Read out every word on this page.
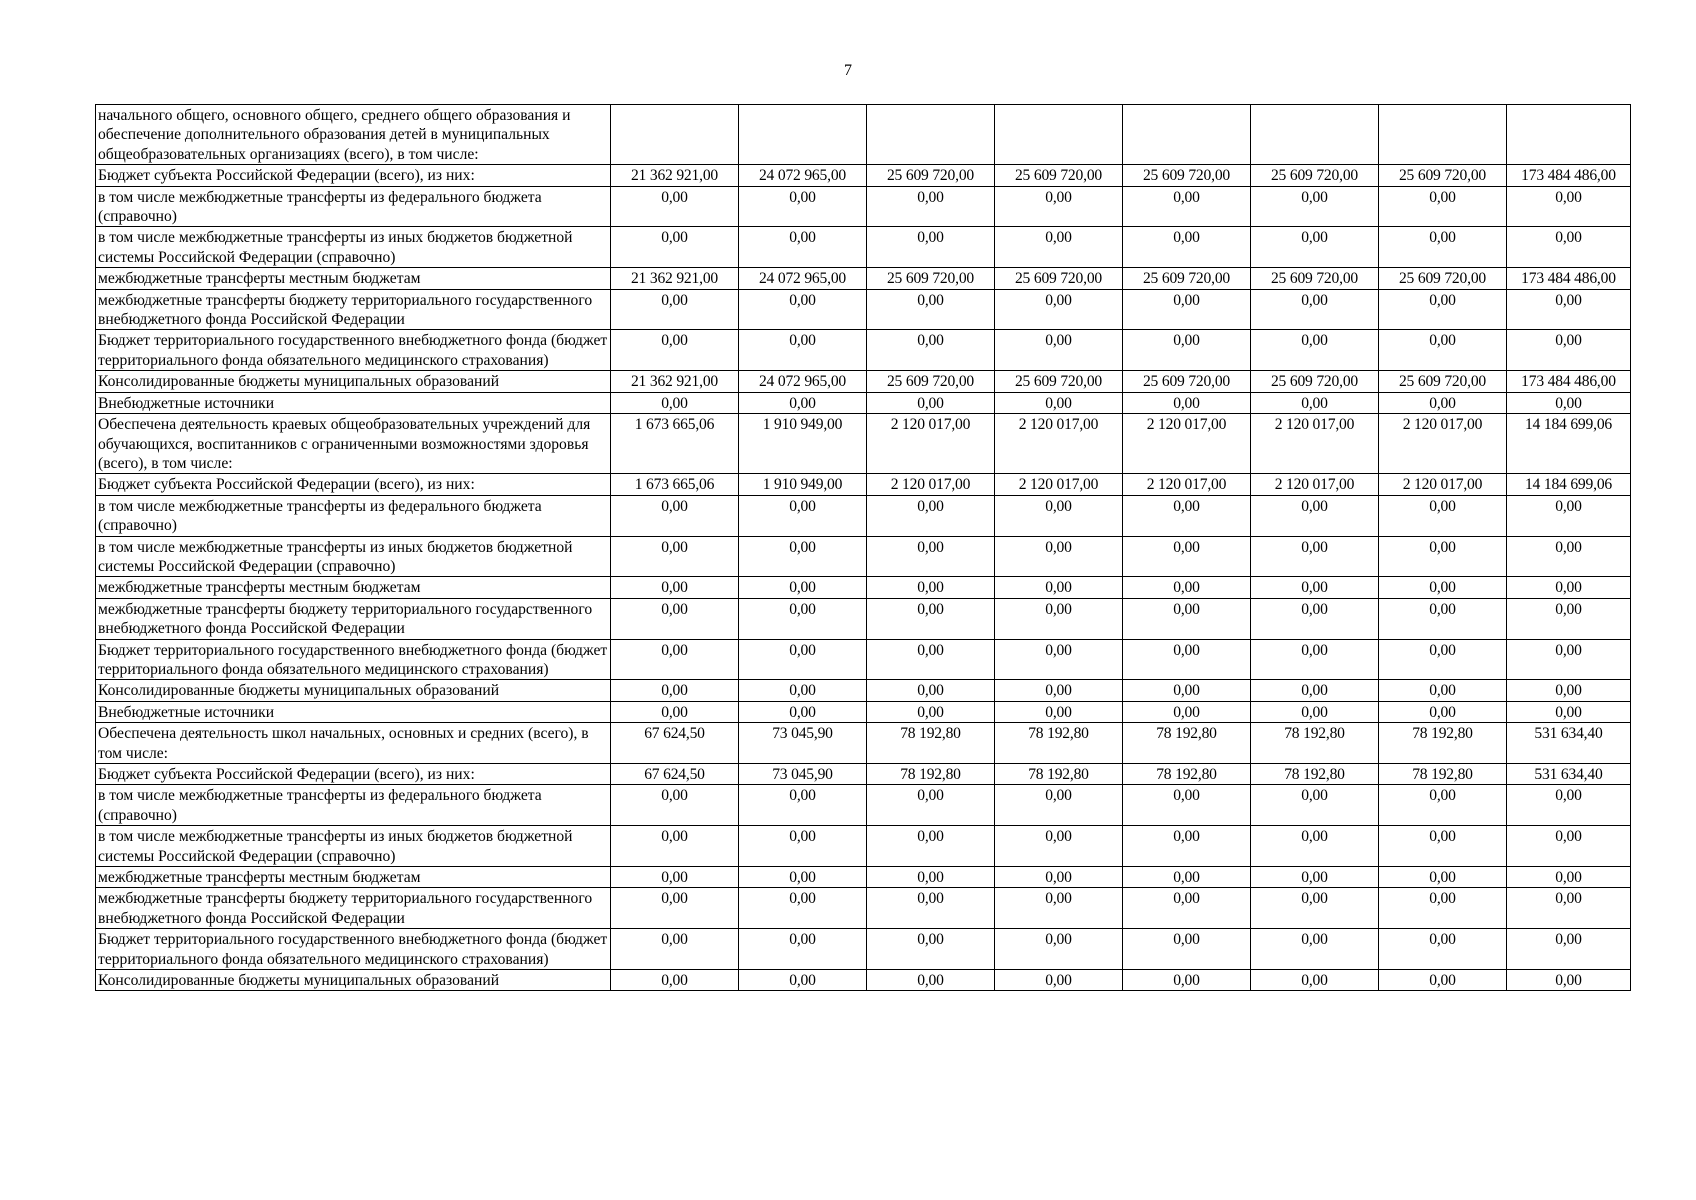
7
начального общего, основного общего, среднего общего образования и обеспечение дополнительного образования детей в муниципальных общеобразовательных организациях (всего), в том числе:								
Бюджет субъекта Российской Федерации (всего), из них:	21 362 921,00	24 072 965,00	25 609 720,00	25 609 720,00	25 609 720,00	25 609 720,00	25 609 720,00	173 484 486,00
в том числе межбюджетные трансферты из федерального бюджета (справочно)	0,00	0,00	0,00	0,00	0,00	0,00	0,00	0,00
в том числе межбюджетные трансферты из иных бюджетов бюджетной системы Российской Федерации (справочно)	0,00	0,00	0,00	0,00	0,00	0,00	0,00	0,00
межбюджетные трансферты местным бюджетам	21 362 921,00	24 072 965,00	25 609 720,00	25 609 720,00	25 609 720,00	25 609 720,00	25 609 720,00	173 484 486,00
межбюджетные трансферты бюджету территориального государственного внебюджетного фонда Российской Федерации	0,00	0,00	0,00	0,00	0,00	0,00	0,00	0,00
Бюджет территориального государственного внебюджетного фонда (бюджет территориального фонда обязательного медицинского страхования)	0,00	0,00	0,00	0,00	0,00	0,00	0,00	0,00
Консолидированные бюджеты муниципальных образований	21 362 921,00	24 072 965,00	25 609 720,00	25 609 720,00	25 609 720,00	25 609 720,00	25 609 720,00	173 484 486,00
Внебюджетные источники	0,00	0,00	0,00	0,00	0,00	0,00	0,00	0,00
Обеспечена деятельность краевых общеобразовательных учреждений для обучающихся, воспитанников с ограниченными возможностями здоровья (всего), в том числе:	1 673 665,06	1 910 949,00	2 120 017,00	2 120 017,00	2 120 017,00	2 120 017,00	2 120 017,00	14 184 699,06
Бюджет субъекта Российской Федерации (всего), из них:	1 673 665,06	1 910 949,00	2 120 017,00	2 120 017,00	2 120 017,00	2 120 017,00	2 120 017,00	14 184 699,06
в том числе межбюджетные трансферты из федерального бюджета (справочно)	0,00	0,00	0,00	0,00	0,00	0,00	0,00	0,00
в том числе межбюджетные трансферты из иных бюджетов бюджетной системы Российской Федерации (справочно)	0,00	0,00	0,00	0,00	0,00	0,00	0,00	0,00
межбюджетные трансферты местным бюджетам	0,00	0,00	0,00	0,00	0,00	0,00	0,00	0,00
межбюджетные трансферты бюджету территориального государственного внебюджетного фонда Российской Федерации	0,00	0,00	0,00	0,00	0,00	0,00	0,00	0,00
Бюджет территориального государственного внебюджетного фонда (бюджет территориального фонда обязательного медицинского страхования)	0,00	0,00	0,00	0,00	0,00	0,00	0,00	0,00
Консолидированные бюджеты муниципальных образований	0,00	0,00	0,00	0,00	0,00	0,00	0,00	0,00
Внебюджетные источники	0,00	0,00	0,00	0,00	0,00	0,00	0,00	0,00
Обеспечена деятельность школ начальных, основных и средних (всего), в том числе:	67 624,50	73 045,90	78 192,80	78 192,80	78 192,80	78 192,80	78 192,80	531 634,40
Бюджет субъекта Российской Федерации (всего), из них:	67 624,50	73 045,90	78 192,80	78 192,80	78 192,80	78 192,80	78 192,80	531 634,40
в том числе межбюджетные трансферты из федерального бюджета (справочно)	0,00	0,00	0,00	0,00	0,00	0,00	0,00	0,00
в том числе межбюджетные трансферты из иных бюджетов бюджетной системы Российской Федерации (справочно)	0,00	0,00	0,00	0,00	0,00	0,00	0,00	0,00
межбюджетные трансферты местным бюджетам	0,00	0,00	0,00	0,00	0,00	0,00	0,00	0,00
межбюджетные трансферты бюджету территориального государственного внебюджетного фонда Российской Федерации	0,00	0,00	0,00	0,00	0,00	0,00	0,00	0,00
Бюджет территориального государственного внебюджетного фонда (бюджет территориального фонда обязательного медицинского страхования)	0,00	0,00	0,00	0,00	0,00	0,00	0,00	0,00
Консолидированные бюджеты муниципальных образований	0,00	0,00	0,00	0,00	0,00	0,00	0,00	0,00
